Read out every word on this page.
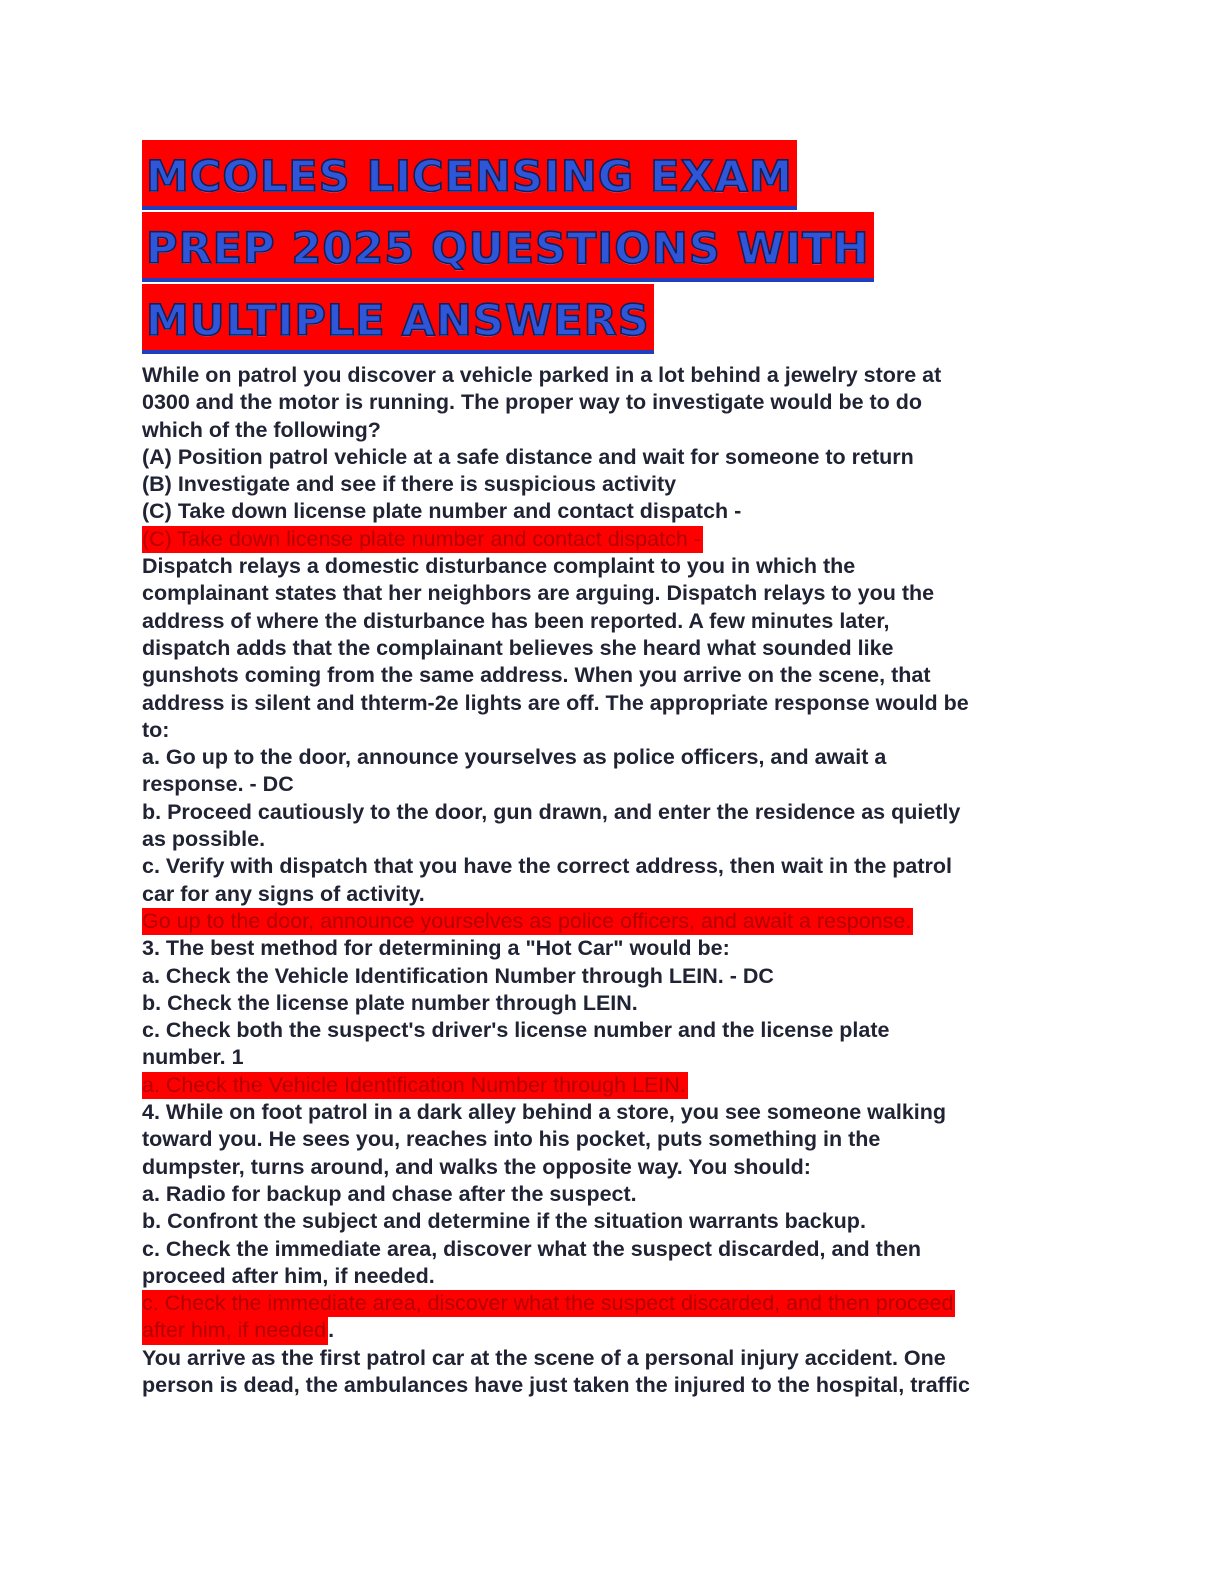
MCOLES LICENSING EXAM
PREP 2025 QUESTIONS WITH
MULTIPLE ANSWERS
While on patrol you discover a vehicle parked in a lot behind a jewelry store at
0300 and the motor is running. The proper way to investigate would be to do
which of the following?
(A) Position patrol vehicle at a safe distance and wait for someone to return
(B) Investigate and see if there is suspicious activity
(C) Take down license plate number and contact dispatch -
(C) Take down license plate number and contact dispatch -
Dispatch relays a domestic disturbance complaint to you in which the
complainant states that her neighbors are arguing. Dispatch relays to you the
address of where the disturbance has been reported. A few minutes later,
dispatch adds that the complainant believes she heard what sounded like
gunshots coming from the same address. When you arrive on the scene, that
address is silent and thterm-2e lights are off. The appropriate response would be
to:
a. Go up to the door, announce yourselves as police officers, and await a
response. - DC
b. Proceed cautiously to the door, gun drawn, and enter the residence as quietly
as possible.
c. Verify with dispatch that you have the correct address, then wait in the patrol
car for any signs of activity.
Go up to the door, announce yourselves as police officers, and await a response.
3. The best method for determining a "Hot Car" would be:
a. Check the Vehicle Identification Number through LEIN. - DC
b. Check the license plate number through LEIN.
c. Check both the suspect's driver's license number and the license plate
number. 1
a. Check the Vehicle Identification Number through LEIN.
4. While on foot patrol in a dark alley behind a store, you see someone walking
toward you. He sees you, reaches into his pocket, puts something in the
dumpster, turns around, and walks the opposite way. You should:
a. Radio for backup and chase after the suspect.
b. Confront the subject and determine if the situation warrants backup.
c. Check the immediate area, discover what the suspect discarded, and then
proceed after him, if needed.
c. Check the immediate area, discover what the suspect discarded, and then proceed
after him, if needed.
You arrive as the first patrol car at the scene of a personal injury accident. One
person is dead, the ambulances have just taken the injured to the hospital, traffic
